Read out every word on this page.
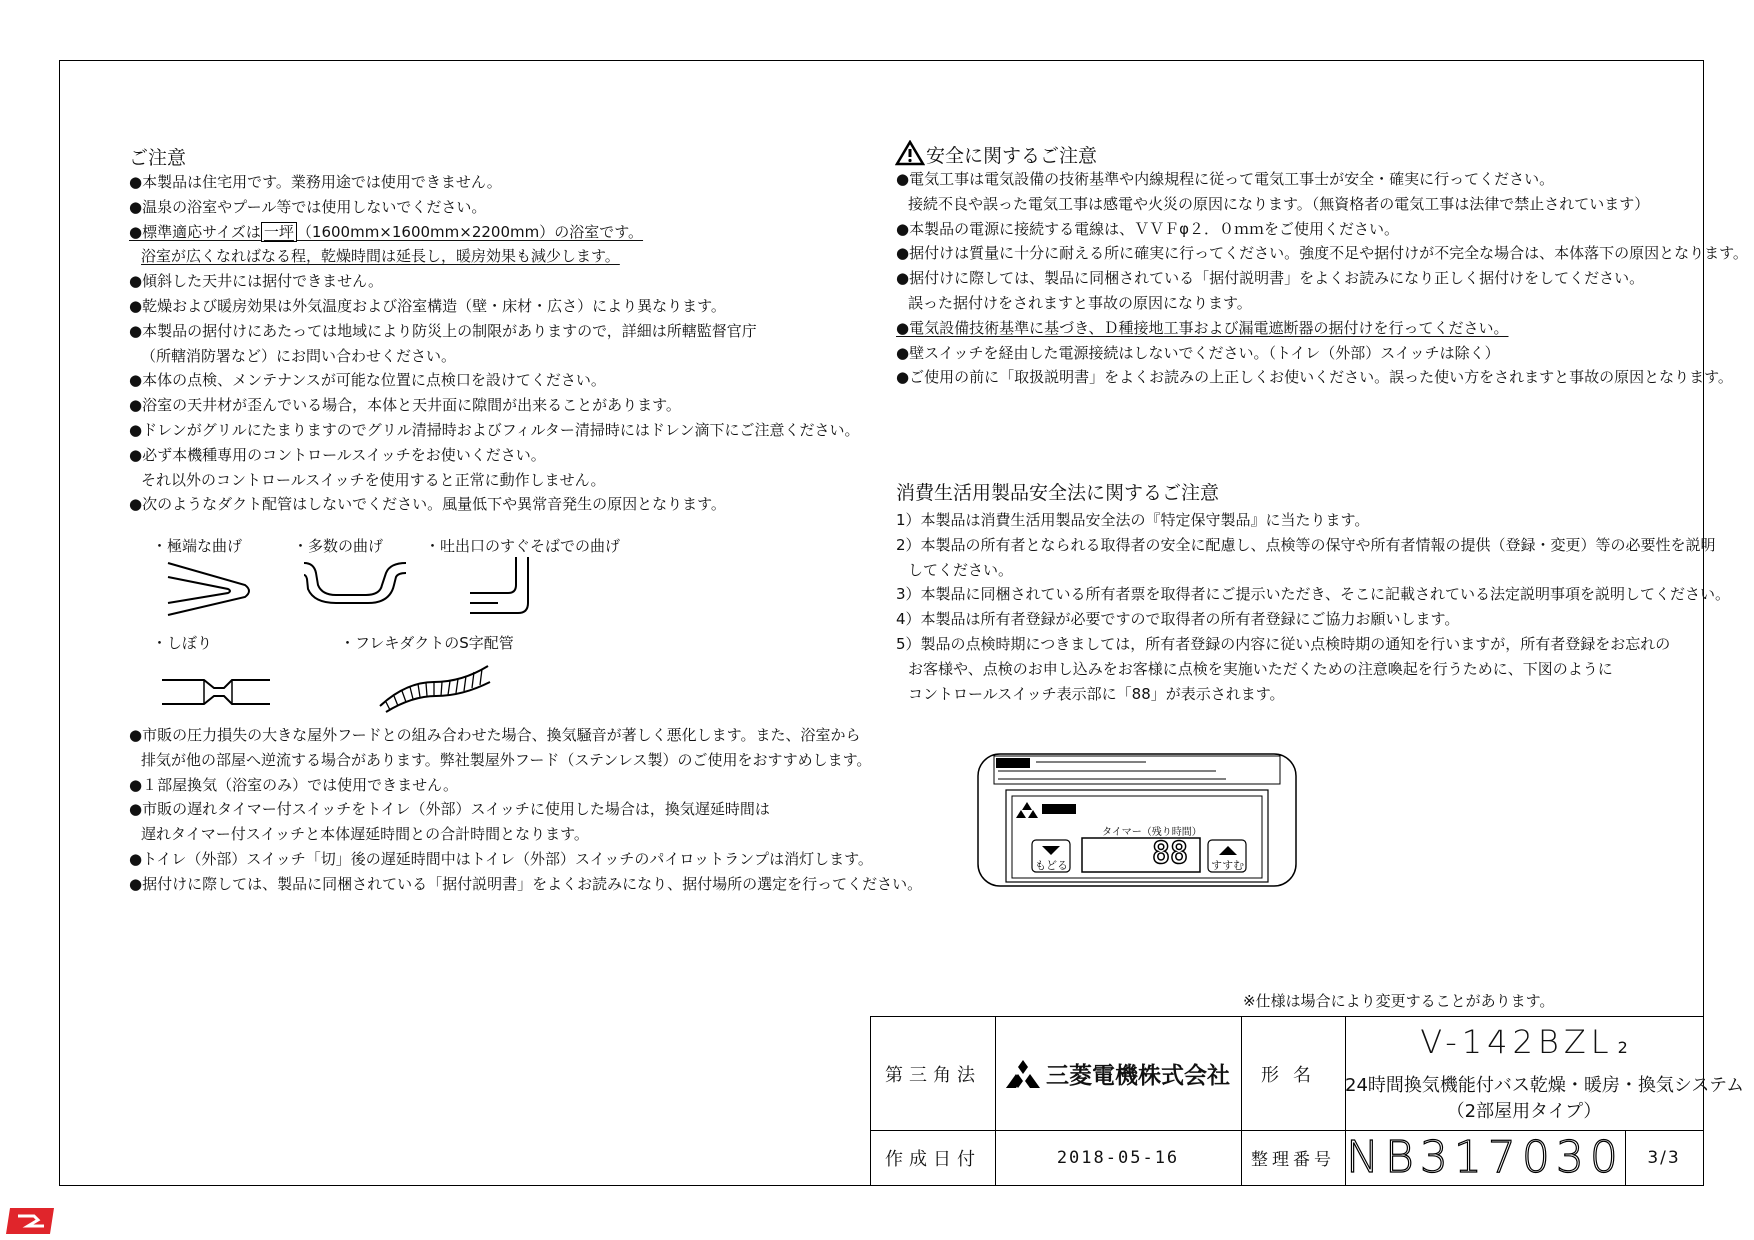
ご注意
●本製品は住宅用です。業務用途では使用できません。
●温泉の浴室やプール等では使用しないでください。
●標準適応サイズは 一坪 （1600mm×1600mm×2200mm）の浴室です。
浴室が広くなればなる程，乾燥時間は延長し，暖房効果も減少します。
●傾斜した天井には据付できません。
●乾燥および暖房効果は外気温度および浴室構造（壁・床材・広さ）により異なります。
●本製品の据付けにあたっては地域により防災上の制限がありますので，詳細は所轄監督官庁
（所轄消防署など）にお問い合わせください。
●本体の点検、メンテナンスが可能な位置に点検口を設けてください。
●浴室の天井材が歪んでいる場合，本体と天井面に隙間が出来ることがあります。
●ドレンがグリルにたまりますのでグリル清掃時およびフィルター清掃時にはドレン滴下にご注意ください。
●必ず本機種専用のコントロールスイッチをお使いください。
それ以外のコントロールスイッチを使用すると正常に動作しません。
●次のようなダクト配管はしないでください。風量低下や異常音発生の原因となります。
・極端な曲げ	・多数の曲げ	・吐出口のすぐそばでの曲げ
・しぼり	・フレキダクトのS字配管
●市販の圧力損失の大きな屋外フードとの組み合わせた場合、換気騒音が著しく悪化します。また、浴室から
排気が他の部屋へ逆流する場合があります。弊社製屋外フード（ステンレス製）のご使用をおすすめします。
●１部屋換気（浴室のみ）では使用できません。
●市販の遅れタイマー付スイッチをトイレ（外部）スイッチに使用した場合は，換気遅延時間は
遅れタイマー付スイッチと本体遅延時間との合計時間となります。
●トイレ（外部）スイッチ「切」後の遅延時間中はトイレ（外部）スイッチのパイロットランプは消灯します。
●据付けに際しては、製品に同梱されている「据付説明書」をよくお読みになり、据付場所の選定を行ってください。
安全に関するご注意
●電気工事は電気設備の技術基準や内線規程に従って電気工事士が安全・確実に行ってください。
接続不良や誤った電気工事は感電や火災の原因になります。（無資格者の電気工事は法律で禁止されています）
●本製品の電源に接続する電線は、ＶＶＦφ２．０ｍｍをご使用ください。
●据付けは質量に十分に耐える所に確実に行ってください。強度不足や据付けが不完全な場合は、本体落下の原因となります。
●据付けに際しては、製品に同梱されている「据付説明書」をよくお読みになり正しく据付けをしてください。
誤った据付けをされますと事故の原因になります。
●電気設備技術基準に基づき、Ｄ種接地工事および漏電遮断器の据付けを行ってください。
●壁スイッチを経由した電源接続はしないでください。（トイレ（外部）スイッチは除く）
●ご使用の前に「取扱説明書」をよくお読みの上正しくお使いください。誤った使い方をされますと事故の原因となります。
消費生活用製品安全法に関するご注意
1）本製品は消費生活用製品安全法の『特定保守製品』に当たります。
2）本製品の所有者となられる取得者の安全に配慮し、点検等の保守や所有者情報の提供（登録・変更）等の必要性を説明
してください。
3）本製品に同梱されている所有者票を取得者にご提示いただき、そこに記載されている法定説明事項を説明してください。
4）本製品は所有者登録が必要ですので取得者の所有者登録にご協力お願いします。
5）製品の点検時期につきましては，所有者登録の内容に従い点検時期の通知を行いますが，所有者登録をお忘れの
お客様や、点検のお申し込みをお客様に点検を実施いただくための注意喚起を行うために、下図のように
コントロールスイッチ表示部に「88」が表示されます。
タイマー（残り時間）
88
もどる	すすむ
※仕様は場合により変更することがあります。
第三角法	三菱電機株式会社	形名
V-142BZL 2
24時間換気機能付バス乾燥・暖房・換気システム
（2部屋用タイプ）
作成日付	2018-05-16	整理番号 NB317030	3/3
